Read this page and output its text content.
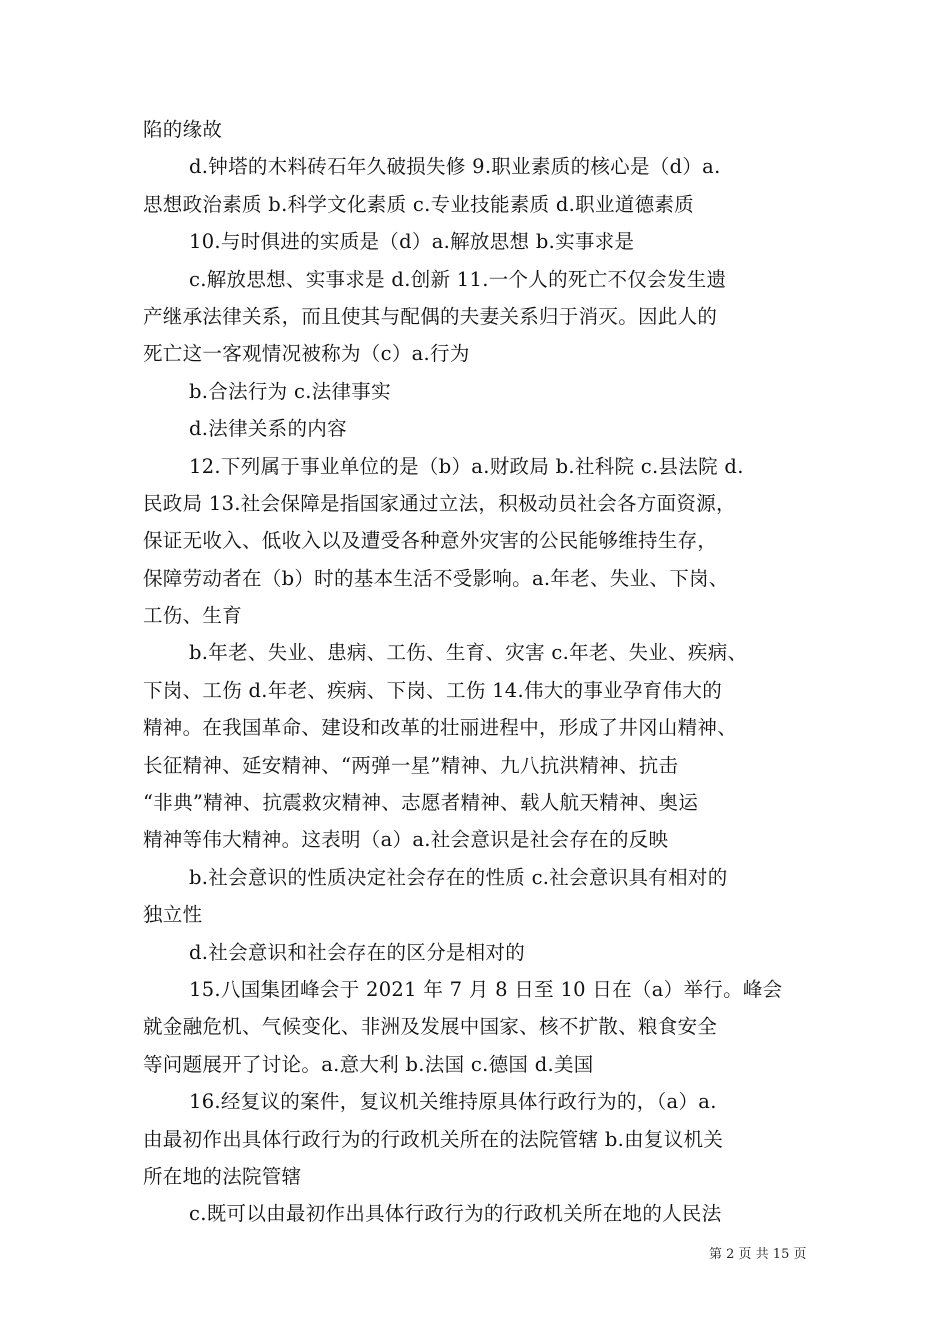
陷的缘故
d.钟塔的木料砖石年久破损失修 9.职业素质的核心是（d）a.
思想政治素质 b.科学文化素质 c.专业技能素质 d.职业道德素质
10.与时俱进的实质是（d）a.解放思想 b.实事求是
c.解放思想、实事求是 d.创新 11.一个人的死亡不仅会发生遗
产继承法律关系，而且使其与配偶的夫妻关系归于消灭。因此人的
死亡这一客观情况被称为（c）a.行为
b.合法行为 c.法律事实
d.法律关系的内容
12.下列属于事业单位的是（b）a.财政局 b.社科院 c.县法院 d.
民政局 13.社会保障是指国家通过立法，积极动员社会各方面资源，
保证无收入、低收入以及遭受各种意外灾害的公民能够维持生存，
保障劳动者在（b）时的基本生活不受影响。a.年老、失业、下岗、
工伤、生育
b.年老、失业、患病、工伤、生育、灾害 c.年老、失业、疾病、
下岗、工伤 d.年老、疾病、下岗、工伤 14.伟大的事业孕育伟大的
精神。在我国革命、建设和改革的壮丽进程中，形成了井冈山精神、
长征精神、延安精神、“两弹一星”精神、九八抗洪精神、抗击
“非典”精神、抗震救灾精神、志愿者精神、载人航天精神、奥运
精神等伟大精神。这表明（a）a.社会意识是社会存在的反映
b.社会意识的性质决定社会存在的性质 c.社会意识具有相对的
独立性
d.社会意识和社会存在的区分是相对的
15.八国集团峰会于 2021 年 7 月 8 日至 10 日在（a）举行。峰会
就金融危机、气候变化、非洲及发展中国家、核不扩散、粮食安全
等问题展开了讨论。a.意大利 b.法国 c.德国 d.美国
16.经复议的案件，复议机关维持原具体行政行为的，（a）a.
由最初作出具体行政行为的行政机关所在的法院管辖 b.由复议机关
所在地的法院管辖
c.既可以由最初作出具体行政行为的行政机关所在地的人民法
第 2 页 共 15 页
